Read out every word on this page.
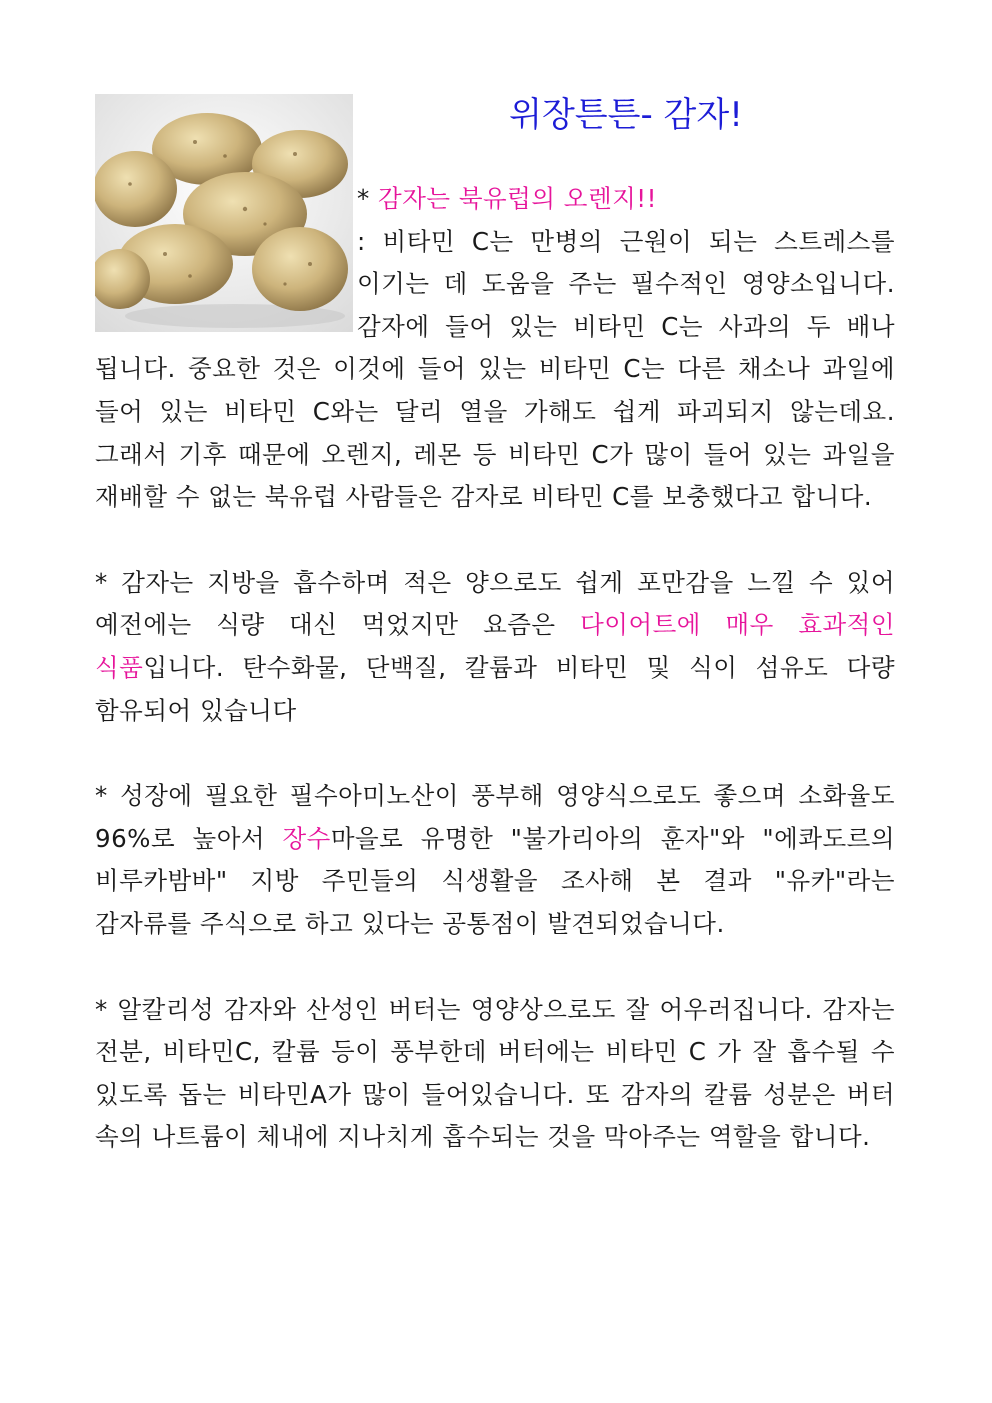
위장튼튼- 감자!

* 감자는 북유럽의 오렌지!!
: 비타민 C는 만병의 근원이 되는 스트레스를 이기는 데 도움을 주는 필수적인 영양소입니다. 감자에 들어 있는 비타민 C는 사과의 두 배나 됩니다. 중요한 것은 이것에 들어 있는 비타민 C는 다른 채소나 과일에 들어 있는 비타민 C와는 달리 열을 가해도 쉽게 파괴되지 않는데요. 그래서 기후 때문에 오렌지, 레몬 등 비타민 C가 많이 들어 있는 과일을 재배할 수 없는 북유럽 사람들은 감자로 비타민 C를 보충했다고 합니다.

* 감자는 지방을 흡수하며 적은 양으로도 쉽게 포만감을 느낄 수 있어 예전에는 식량 대신 먹었지만 요즘은 다이어트에 매우 효과적인 식품입니다. 탄수화물, 단백질, 칼륨과 비타민 및 식이 섬유도 다량 함유되어 있습니다

* 성장에 필요한 필수아미노산이 풍부해 영양식으로도 좋으며 소화율도 96%로 높아서 장수마을로 유명한 "불가리아의 훈자"와 "에콰도르의 비루카밤바" 지방 주민들의 식생활을 조사해 본 결과 "유카"라는 감자류를 주식으로 하고 있다는 공통점이 발견되었습니다.

* 알칼리성 감자와 산성인 버터는 영양상으로도 잘 어우러집니다. 감자는 전분, 비타민C, 칼륨 등이 풍부한데 버터에는 비타민 C 가 잘 흡수될 수 있도록 돕는 비타민A가 많이 들어있습니다. 또 감자의 칼륨 성분은 버터 속의 나트륨이 체내에 지나치게 흡수되는 것을 막아주는 역할을 합니다.
